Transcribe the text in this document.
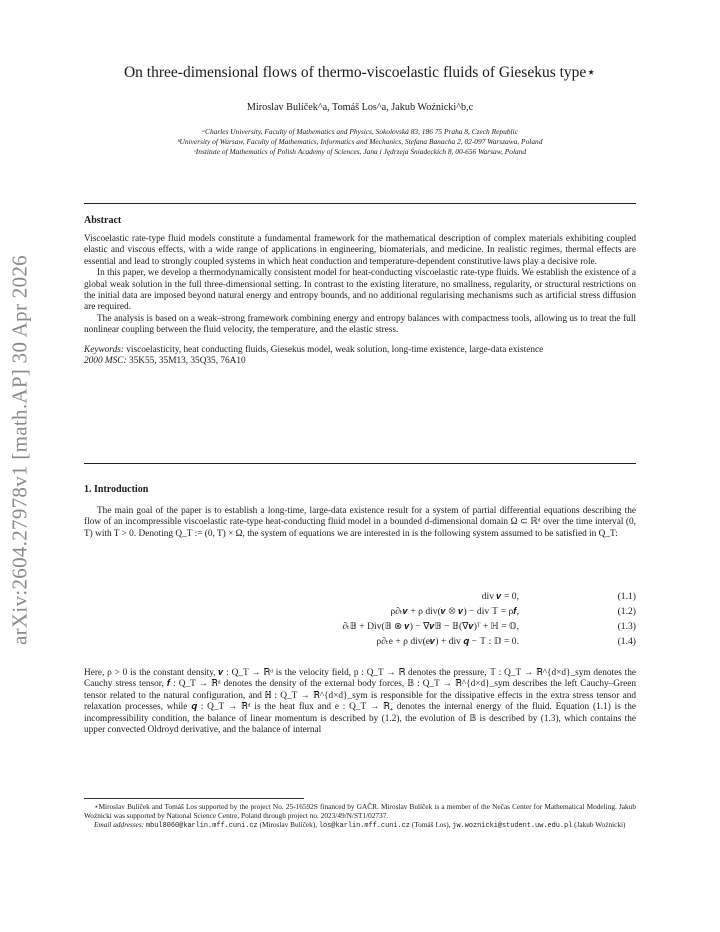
arXiv:2604.27978v1 [math.AP] 30 Apr 2026
On three-dimensional flows of thermo-viscoelastic fluids of Giesekus type⋆
Miroslav Bulíček^a, Tomáš Los^a, Jakub Woźnicki^b,c
ᵃCharles University, Faculty of Mathematics and Physics, Sokolovská 83, 186 75 Praha 8, Czech Republic
ᵇUniversity of Warsaw, Faculty of Mathematics, Informatics and Mechanics, Stefana Banacha 2, 02-097 Warszawa, Poland
ᶜInstitute of Mathematics of Polish Academy of Sciences, Jana i Jędrzeja Śniadeckich 8, 00-656 Warsaw, Poland
Abstract

Viscoelastic rate-type fluid models constitute a fundamental framework for the mathematical description of complex materials exhibiting coupled elastic and viscous effects, with a wide range of applications in engineering, biomaterials, and medicine. In realistic regimes, thermal effects are essential and lead to strongly coupled systems in which heat conduction and temperature-dependent constitutive laws play a decisive role.

In this paper, we develop a thermodynamically consistent model for heat-conducting viscoelastic rate-type fluids. We establish the existence of a global weak solution in the full three-dimensional setting. In contrast to the existing literature, no smallness, regularity, or structural restrictions on the initial data are imposed beyond natural energy and entropy bounds, and no additional regularising mechanisms such as artificial stress diffusion are required.

The analysis is based on a weak–strong framework combining energy and entropy balances with compactness tools, allowing us to treat the full nonlinear coupling between the fluid velocity, the temperature, and the elastic stress.

Keywords: viscoelasticity, heat conducting fluids, Giesekus model, weak solution, long-time existence, large-data existence

2000 MSC: 35K55, 35M13, 35Q35, 76A10

1. Introduction

The main goal of the paper is to establish a long-time, large-data existence result for a system of partial differential equations describing the flow of an incompressible viscoelastic rate-type heat-conducting fluid model in a bounded d-dimensional domain Ω ⊂ ℝᵈ over the time interval (0, T) with T > 0. Denoting Q_T := (0, T) × Ω, the system of equations we are interested in is the following system assumed to be satisfied in Q_T:

div 𝒗 = 0,	(1.1)
ρ∂ₜ𝒗 + ρ div(𝒗 ⊗ 𝒗) − div 𝕋 = ρ𝒇,	(1.2)
∂ₜ𝔹 + Div(𝔹 ⊗ 𝒗) − ∇𝒗𝔹 − 𝔹(∇𝒗)ᵀ + ℍ = 𝕆,	(1.3)
ρ∂ₜe + ρ div(e𝒗) + div 𝒒 − 𝕋 : 𝔻 = 0.	(1.4)

Here, ρ > 0 is the constant density, 𝒗 : Q_T → ℝᵈ is the velocity field, p : Q_T → ℝ denotes the pressure, 𝕋 : Q_T → ℝ^{d×d}_sym denotes the Cauchy stress tensor, 𝒇 : Q_T → ℝᵈ denotes the density of the external body forces, 𝔹 : Q_T → ℝ^{d×d}_sym describes the left Cauchy–Green tensor related to the natural configuration, and ℍ : Q_T → ℝ^{d×d}_sym is responsible for the dissipative effects in the extra stress tensor and relaxation processes, while 𝒒 : Q_T → ℝᵈ is the heat flux and e : Q_T → ℝ₊ denotes the internal energy of the fluid. Equation (1.1) is the incompressibility condition, the balance of linear momentum is described by (1.2), the evolution of 𝔹 is described by (1.3), which contains the upper convected Oldroyd derivative, and the balance of internal

⋆Miroslav Bulíček and Tomáš Los supported by the project No. 25-16592S financed by GAČR. Miroslav Bulíček is a member of the Nečas Center for Mathematical Modeling. Jakub Woźnicki was supported by National Science Centre, Poland through project no. 2023/49/N/ST1/02737.

Email addresses: mbul8060@karlin.mff.cuni.cz (Miroslav Bulíček), los@karlin.mff.cuni.cz (Tomáš Los), jw.woznicki@student.uw.edu.pl (Jakub Woźnicki)
